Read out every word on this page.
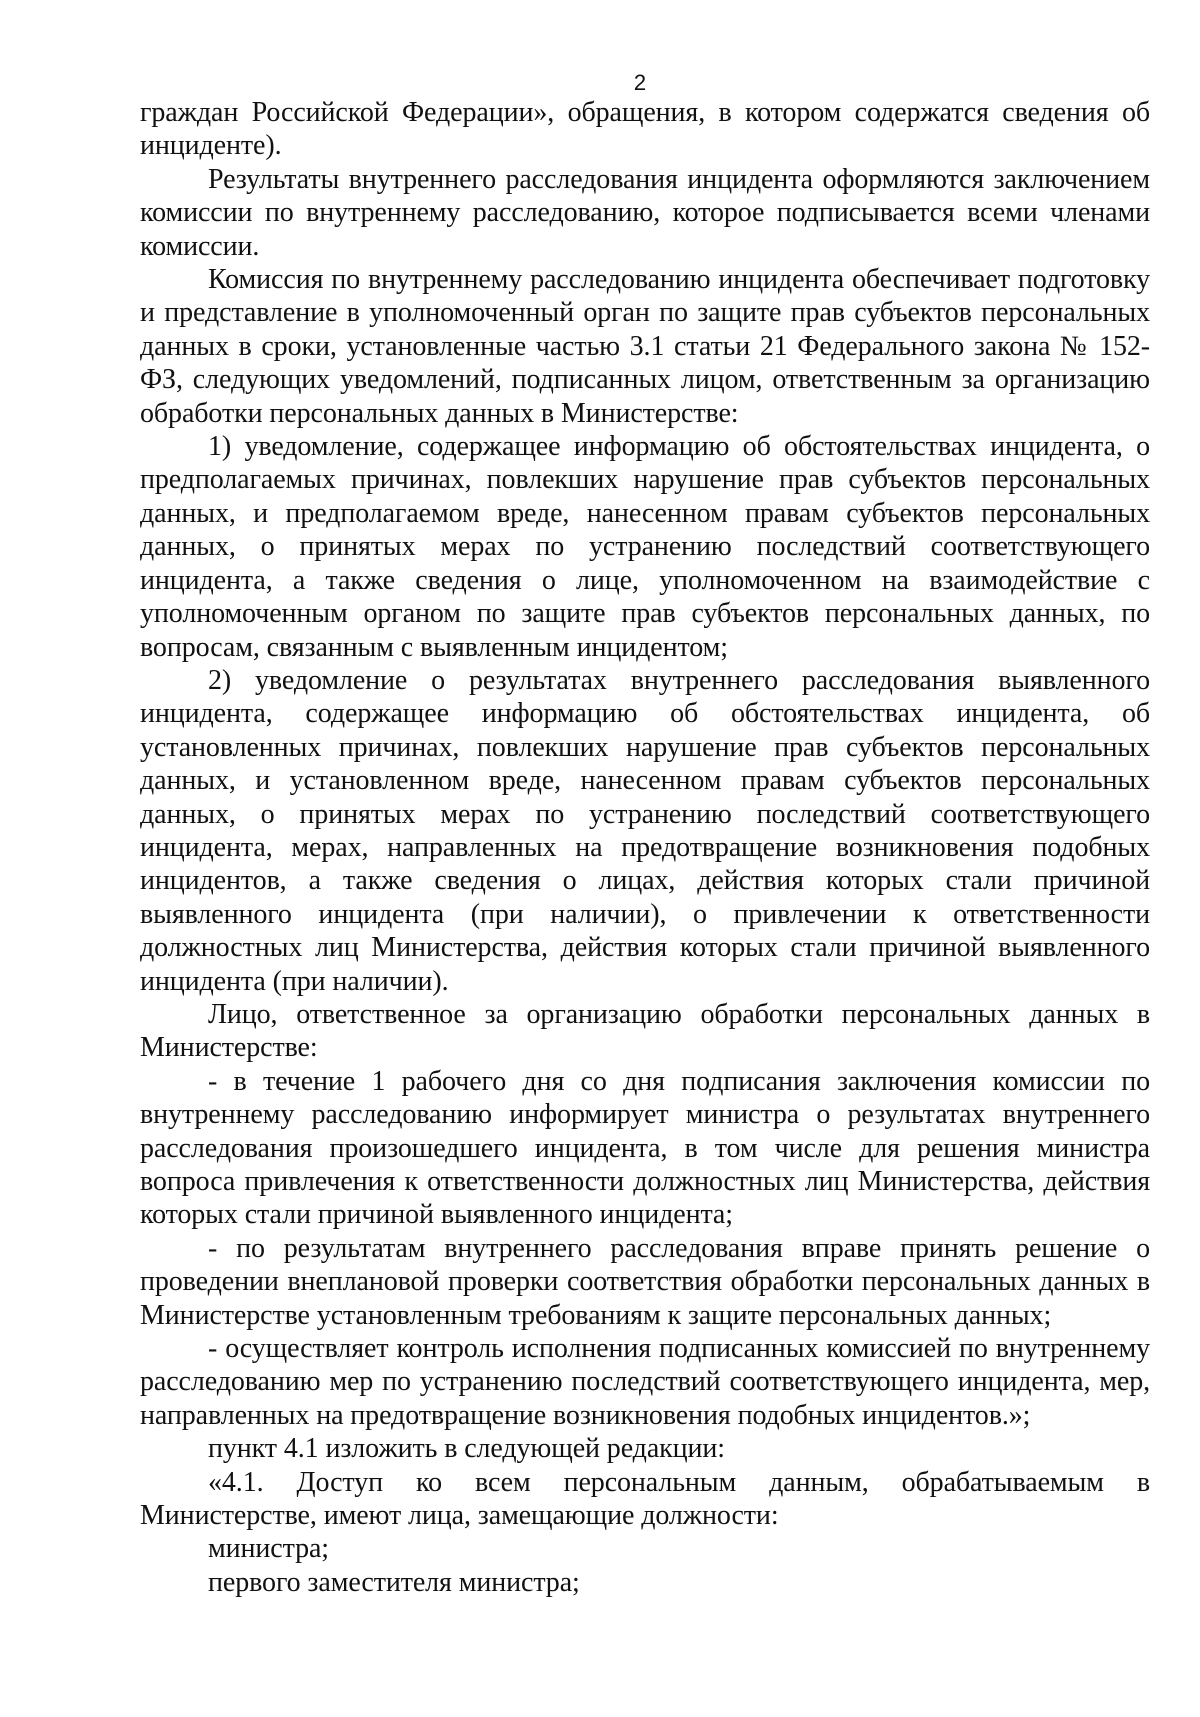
2

граждан Российской Федерации», обращения, в котором содержатся сведения об инциденте).

Результаты внутреннего расследования инцидента оформляются заключением комиссии по внутреннему расследованию, которое подписывается всеми членами комиссии.

Комиссия по внутреннему расследованию инцидента обеспечивает подготовку и представление в уполномоченный орган по защите прав субъектов персональных данных в сроки, установленные частью 3.1 статьи 21 Федерального закона № 152-ФЗ, следующих уведомлений, подписанных лицом, ответственным за организацию обработки персональных данных в Министерстве:

1) уведомление, содержащее информацию об обстоятельствах инцидента, о предполагаемых причинах, повлекших нарушение прав субъектов персональных данных, и предполагаемом вреде, нанесенном правам субъектов персональных данных, о принятых мерах по устранению последствий соответствующего инцидента, а также сведения о лице, уполномоченном на взаимодействие с уполномоченным органом по защите прав субъектов персональных данных, по вопросам, связанным с выявленным инцидентом;

2) уведомление о результатах внутреннего расследования выявленного инцидента, содержащее информацию об обстоятельствах инцидента, об установленных причинах, повлекших нарушение прав субъектов персональных данных, и установленном вреде, нанесенном правам субъектов персональных данных, о принятых мерах по устранению последствий соответствующего инцидента, мерах, направленных на предотвращение возникновения подобных инцидентов, а также сведения о лицах, действия которых стали причиной выявленного инцидента (при наличии), о привлечении к ответственности должностных лиц Министерства, действия которых стали причиной выявленного инцидента (при наличии).

Лицо, ответственное за организацию обработки персональных данных в Министерстве:

- в течение 1 рабочего дня со дня подписания заключения комиссии по внутреннему расследованию информирует министра о результатах внутреннего расследования произошедшего инцидента, в том числе для решения министра вопроса привлечения к ответственности должностных лиц Министерства, действия которых стали причиной выявленного инцидента;

- по результатам внутреннего расследования вправе принять решение о проведении внеплановой проверки соответствия обработки персональных данных в Министерстве установленным требованиям к защите персональных данных;

- осуществляет контроль исполнения подписанных комиссией по внутреннему расследованию мер по устранению последствий соответствующего инцидента, мер, направленных на предотвращение возникновения подобных инцидентов.»;

пункт 4.1 изложить в следующей редакции:

«4.1. Доступ ко всем персональным данным, обрабатываемым в Министерстве, имеют лица, замещающие должности:

министра;

первого заместителя министра;
